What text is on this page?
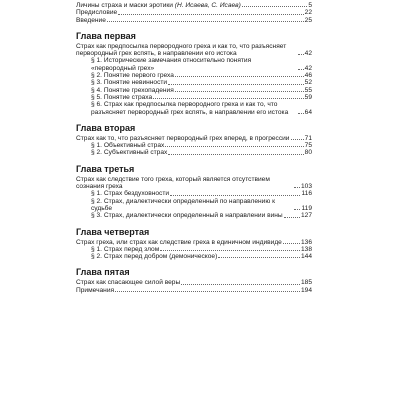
Личины страха и маски эротики (Н. Исаева, С. Исаев)	5
Предисловие	22
Введение	25
Глава первая
Страх как предпосылка первородного греха и как то, что разъясняет первородный грех вспять, в направлении его истока	42
§ 1. Исторические замечания относительно понятия «первородный грех»	42
§ 2. Понятие первого греха	46
§ 3. Понятие невинности	52
§ 4. Понятие грехопадения	55
§ 5. Понятие страха	59
§ 6. Страх как предпосылка первородного греха и как то, что разъясняет первородный грех вспять, в направлении его истока	64
Глава вторая
Страх как то, что разъясняет первородный грех вперед, в прогрессии 71
§ 1. Объективный страх	75
§ 2. Субъективный страх	80
Глава третья
Страх как следствие того греха, который является отсутствием сознания греха	103
§ 1. Страх бездуховности	116
§ 2. Страх, диалектически определенный по направлению к судьбе	119
§ 3. Страх, диалектически определенный в направлении вины	127
Глава четвертая
Страх греха, или страх как следствие греха в единичном индивиде	136
§ 1. Страх перед злом	138
§ 2. Страх перед добром (демоническое)	144
Глава пятая
Страх как спасающее силой веры	185
Примечания	194
